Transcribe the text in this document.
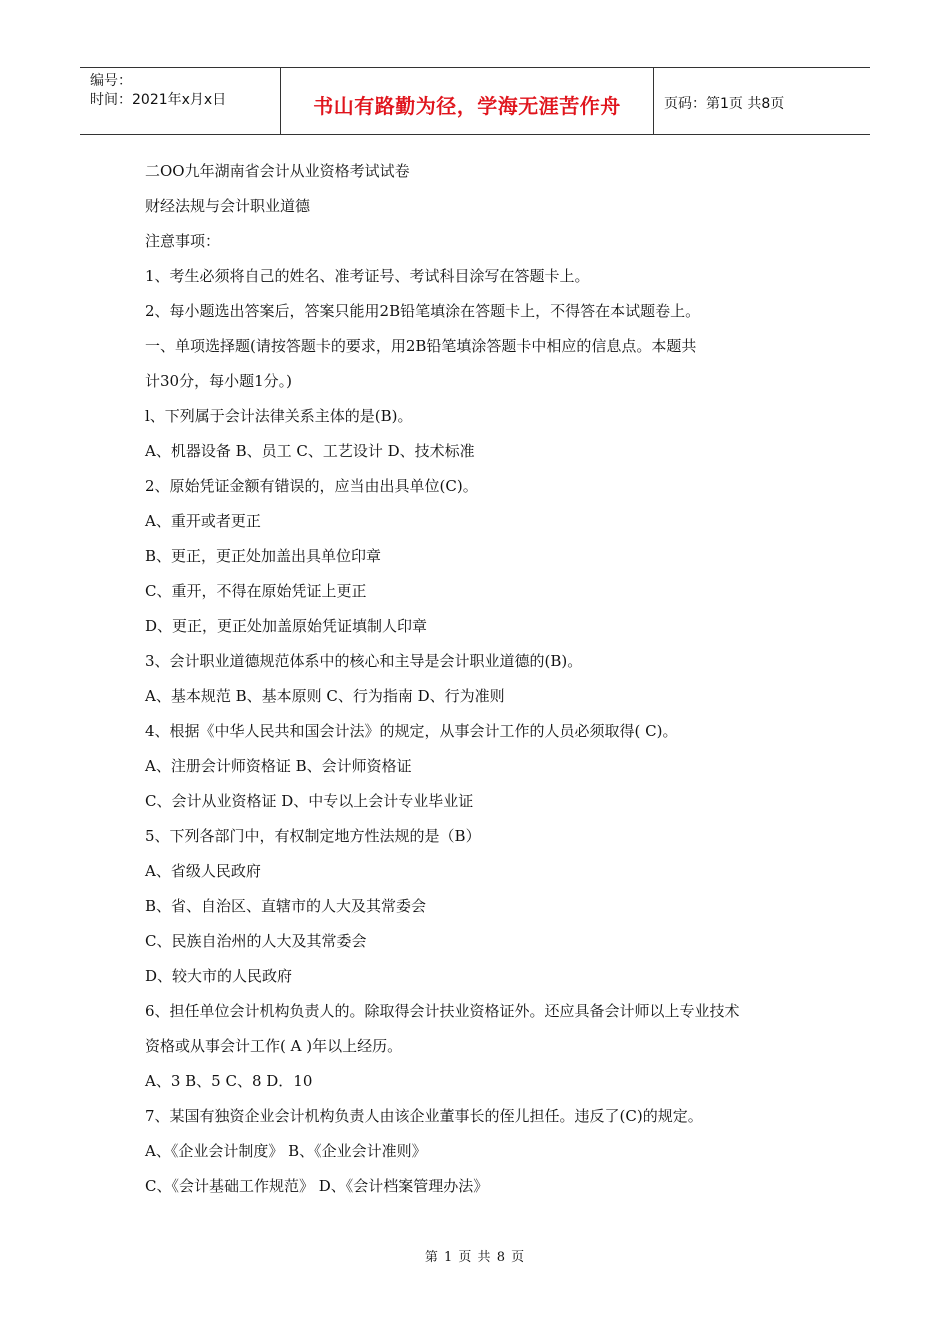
编号：
时间：2021年x月x日	书山有路勤为径，学海无涯苦作舟	页码：第1页 共8页
二OO九年湖南省会计从业资格考试试卷
财经法规与会计职业道德
注意事项：
1、考生必须将自己的姓名、准考证号、考试科目涂写在答题卡上。
2、每小题选出答案后，答案只能用2B铅笔填涂在答题卡上，不得答在本试题卷上。
一、单项选择题(请按答题卡的要求，用2B铅笔填涂答题卡中相应的信息点。本题共
计30分，每小题1分。)
l、下列属于会计法律关系主体的是(B)。
A、机器设备 B、员工 C、工艺设计 D、技术标准
2、原始凭证金额有错误的，应当由出具单位(C)。
A、重开或者更正
B、更正，更正处加盖出具单位印章
C、重开，不得在原始凭证上更正
D、更正，更正处加盖原始凭证填制人印章
3、会计职业道德规范体系中的核心和主导是会计职业道德的(B)。
A、基本规范 B、基本原则 C、行为指南 D、行为准则
4、根据《中华人民共和国会计法》的规定，从事会计工作的人员必须取得( C)。
A、注册会计师资格证 B、会计师资格证
C、会计从业资格证 D、中专以上会计专业毕业证
5、下列各部门中，有权制定地方性法规的是（B）
A、省级人民政府
B、省、自治区、直辖市的人大及其常委会
C、民族自治州的人大及其常委会
D、较大市的人民政府
6、担任单位会计机构负责人的。除取得会计扶业资格证外。还应具备会计师以上专业技术
资格或从事会计工作( A )年以上经历。
A、3 B、5 C、8 D．10
7、某国有独资企业会计机构负责人由该企业董事长的侄儿担任。违反了(C)的规定。
A、《企业会计制度》 B、《企业会计准则》
C、《会计基础工作规范》 D、《会计档案管理办法》
第 1 页 共 8 页
